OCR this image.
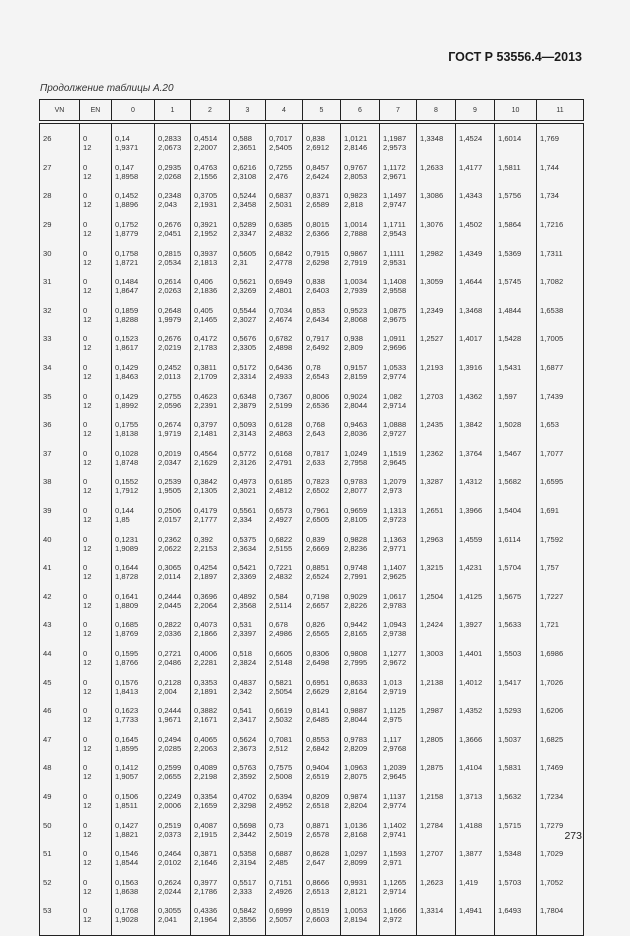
ГОСТ Р 53556.4—2013
Продолжение таблицы А.20
VN	EN	0	1	2	3	4	5	6	7	8	9	10	11
26	0	0,14	0,2833	0,4514	0,588	0,7017	0,838	1,0121	1,1987	1,3348	1,4524	1,6014	1,769
	12	1,9371	2,0673	2,2007	2,3651	2,5405	2,6912	2,8146	2,9573				
27	0	0,147	0,2935	0,4763	0,6216	0,7255	0,8457	0,9767	1,1172	1,2633	1,4177	1,5811	1,744
	12	1,8958	2,0268	2,1556	2,3108	2,476	2,6424	2,8053	2,9671				
28	0	0,1452	0,2348	0,3705	0,5244	0,6837	0,8371	0,9823	1,1497	1,3086	1,4343	1,5756	1,734
	12	1,8896	2,043	2,1931	2,3458	2,5031	2,6589	2,818	2,9747				
29	0	0,1752	0,2676	0,3921	0,5289	0,6385	0,8015	1,0014	1,1711	1,3076	1,4502	1,5864	1,7216
	12	1,8779	2,0451	2,1952	2,3347	2,4832	2,6366	2,7888	2,9543				
30	0	0,1758	0,2815	0,3937	0,5605	0,6842	0,7915	0,9867	1,1111	1,2982	1,4349	1,5369	1,7311
	12	1,8721	2,0534	2,1813	2,31	2,4778	2,6298	2,7919	2,9531				
31	0	0,1484	0,2614	0,406	0,5621	0,6949	0,838	1,0034	1,1408	1,3059	1,4644	1,5745	1,7082
	12	1,8647	2,0263	2,1836	2,3269	2,4801	2,6403	2,7939	2,9558				
32	0	0,1859	0,2648	0,405	0,5544	0,7034	0,853	0,9523	1,0875	1,2349	1,3468	1,4844	1,6538
	12	1,8288	1,9979	2,1465	2,3027	2,4674	2,6434	2,8068	2,9675				
33	0	0,1523	0,2676	0,4172	0,5676	0,6782	0,7917	0,938	1,0911	1,2527	1,4017	1,5428	1,7005
	12	1,8617	2,0219	2,1783	2,3305	2,4898	2,6492	2,809	2,9696				
34	0	0,1429	0,2452	0,3811	0,5172	0,6436	0,78	0,9157	1,0533	1,2193	1,3916	1,5431	1,6877
	12	1,8463	2,0113	2,1709	2,3314	2,4933	2,6543	2,8159	2,9774				
35	0	0,1429	0,2755	0,4623	0,6348	0,7367	0,8006	0,9024	1,082	1,2703	1,4362	1,597	1,7439
	12	1,8992	2,0596	2,2391	2,3879	2,5199	2,6536	2,8044	2,9714				
36	0	0,1755	0,2674	0,3797	0,5093	0,6128	0,768	0,9463	1,0888	1,2435	1,3842	1,5028	1,653
	12	1,8138	1,9719	2,1481	2,3143	2,4863	2,643	2,8036	2,9727				
37	0	0,1028	0,2019	0,4564	0,5772	0,6168	0,7817	1,0249	1,1519	1,2362	1,3764	1,5467	1,7077
	12	1,8748	2,0347	2,1629	2,3126	2,4791	2,633	2,7958	2,9645				
38	0	0,1552	0,2539	0,3842	0,4973	0,6185	0,7823	0,9783	1,2079	1,3287	1,4312	1,5682	1,6595
	12	1,7912	1,9505	2,1305	2,3021	2,4812	2,6502	2,8077	2,973				
39	0	0,144	0,2506	0,4179	0,5561	0,6573	0,7961	0,9659	1,1313	1,2651	1,3966	1,5404	1,691
	12	1,85	2,0157	2,1777	2,334	2,4927	2,6505	2,8105	2,9723				
40	0	0,1231	0,2362	0,392	0,5375	0,6822	0,839	0,9828	1,1363	1,2963	1,4559	1,6114	1,7592
	12	1,9089	2,0622	2,2153	2,3634	2,5155	2,6669	2,8236	2,9771				
41	0	0,1644	0,3065	0,4254	0,5421	0,7221	0,8851	0,9748	1,1407	1,3215	1,4231	1,5704	1,757
	12	1,8728	2,0114	2,1897	2,3369	2,4832	2,6524	2,7991	2,9625				
42	0	0,1641	0,2444	0,3696	0,4892	0,584	0,7198	0,9029	1,0617	1,2504	1,4125	1,5675	1,7227
	12	1,8809	2,0445	2,2064	2,3568	2,5114	2,6657	2,8226	2,9783				
43	0	0,1685	0,2822	0,4073	0,531	0,678	0,826	0,9442	1,0943	1,2424	1,3927	1,5633	1,721
	12	1,8769	2,0336	2,1866	2,3397	2,4986	2,6565	2,8165	2,9738				
44	0	0,1595	0,2721	0,4006	0,518	0,6605	0,8306	0,9808	1,1277	1,3003	1,4401	1,5503	1,6986
	12	1,8766	2,0486	2,2281	2,3824	2,5148	2,6498	2,7995	2,9672				
45	0	0,1576	0,2128	0,3353	0,4837	0,5821	0,6951	0,8633	1,013	1,2138	1,4012	1,5417	1,7026
	12	1,8413	2,004	2,1891	2,342	2,5054	2,6629	2,8164	2,9719				
46	0	0,1623	0,2444	0,3882	0,541	0,6619	0,8141	0,9887	1,1125	1,2987	1,4352	1,5293	1,6206
	12	1,7733	1,9671	2,1671	2,3417	2,5032	2,6485	2,8044	2,975				
47	0	0,1645	0,2494	0,4065	0,5624	0,7081	0,8553	0,9783	1,117	1,2805	1,3666	1,5037	1,6825
	12	1,8595	2,0285	2,2063	2,3673	2,512	2,6842	2,8209	2,9768				
48	0	0,1412	0,2599	0,4089	0,5763	0,7575	0,9404	1,0963	1,2039	1,2875	1,4104	1,5831	1,7469
	12	1,9057	2,0655	2,2198	2,3592	2,5008	2,6519	2,8075	2,9645				
49	0	0,1506	0,2249	0,3354	0,4702	0,6394	0,8209	0,9874	1,1137	1,2158	1,3713	1,5632	1,7234
	12	1,8511	2,0006	2,1659	2,3298	2,4952	2,6518	2,8204	2,9774				
50	0	0,1427	0,2519	0,4087	0,5698	0,73	0,8871	1,0136	1,1402	1,2784	1,4188	1,5715	1,7279
	12	1,8821	2,0373	2,1915	2,3442	2,5019	2,6578	2,8168	2,9741				
51	0	0,1546	0,2464	0,3871	0,5358	0,6887	0,8628	1,0297	1,1593	1,2707	1,3877	1,5348	1,7029
	12	1,8544	2,0102	2,1646	2,3194	2,485	2,647	2,8099	2,971				
52	0	0,1563	0,2624	0,3977	0,5517	0,7151	0,8666	0,9931	1,1265	1,2623	1,419	1,5703	1,7052
	12	1,8638	2,0244	2,1786	2,333	2,4926	2,6513	2,8121	2,9714				
53	0	0,1768	0,3055	0,4336	0,5842	0,6999	0,8519	1,0053	1,1666	1,3314	1,4941	1,6493	1,7804
	12	1,9028	2,041	2,1964	2,3556	2,5057	2,6603	2,8194	2,972				
273
